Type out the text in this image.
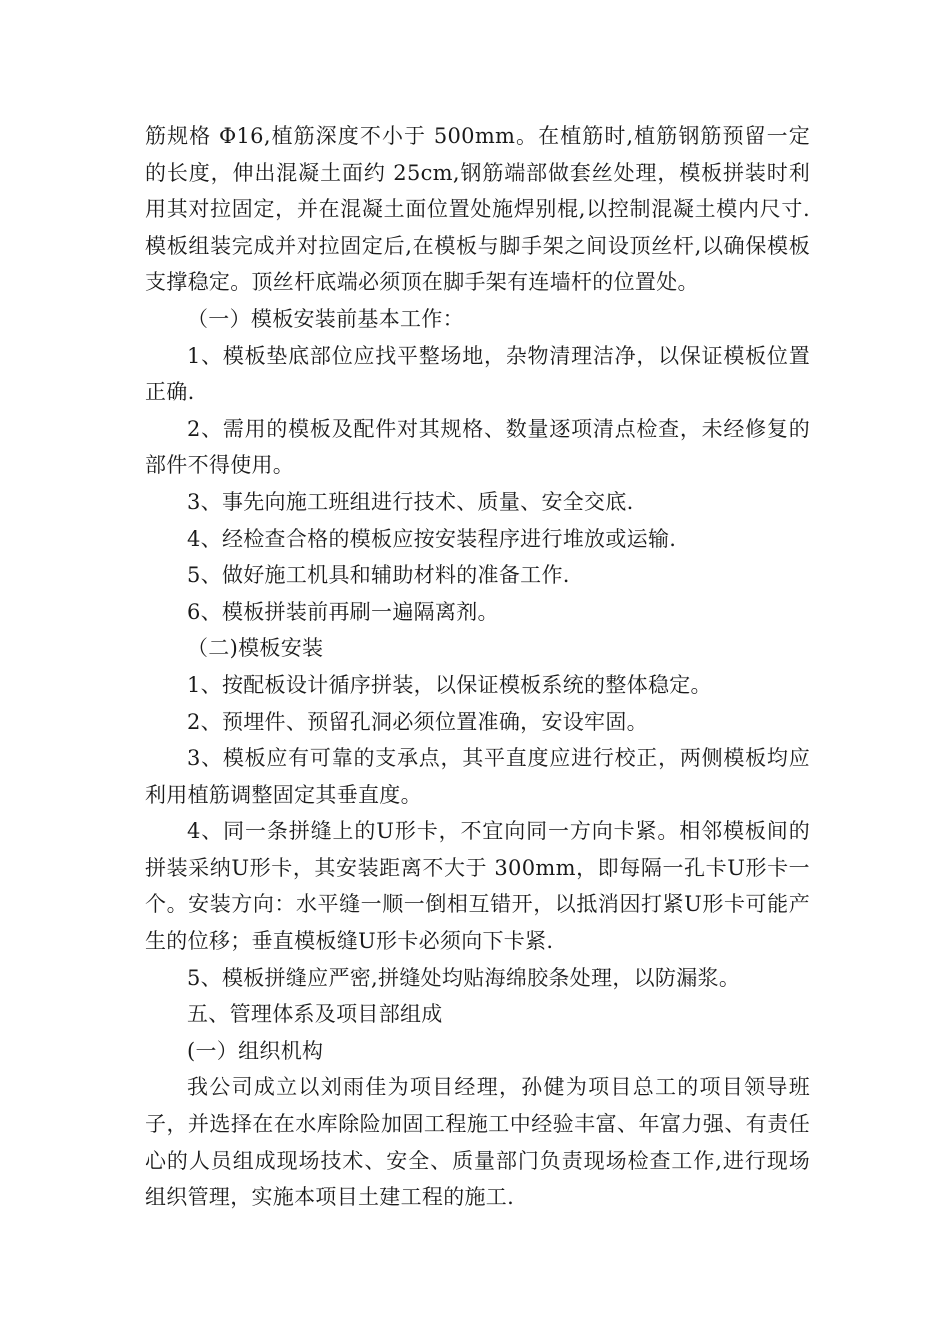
筋规格 Φ16,植筋深度不小于 500mm。在植筋时,植筋钢筋预留一定的长度，伸出混凝土面约 25cm,钢筋端部做套丝处理，模板拼装时利用其对拉固定，并在混凝土面位置处施焊别棍,以控制混凝土模内尺寸.模板组装完成并对拉固定后,在模板与脚手架之间设顶丝杆,以确保模板支撑稳定。顶丝杆底端必须顶在脚手架有连墙杆的位置处。

（一）模板安装前基本工作：

1、模板垫底部位应找平整场地，杂物清理洁净，以保证模板位置正确.

2、需用的模板及配件对其规格、数量逐项清点检查，未经修复的部件不得使用。

3、事先向施工班组进行技术、质量、安全交底.

4、经检查合格的模板应按安装程序进行堆放或运输.

5、做好施工机具和辅助材料的准备工作.

6、模板拼装前再刷一遍隔离剂。

（二)模板安装

1、按配板设计循序拼装，以保证模板系统的整体稳定。

2、预埋件、预留孔洞必须位置准确，安设牢固。

3、模板应有可靠的支承点，其平直度应进行校正，两侧模板均应利用植筋调整固定其垂直度。

4、同一条拼缝上的U形卡，不宜向同一方向卡紧。相邻模板间的拼装采纳U形卡，其安装距离不大于 300mm，即每隔一孔卡U形卡一个。安装方向：水平缝一顺一倒相互错开，以抵消因打紧U形卡可能产生的位移；垂直模板缝U形卡必须向下卡紧.

5、模板拼缝应严密,拼缝处均贴海绵胶条处理，以防漏浆。

五、管理体系及项目部组成

(一）组织机构

我公司成立以刘雨佳为项目经理，孙健为项目总工的项目领导班子，并选择在在水库除险加固工程施工中经验丰富、年富力强、有责任心的人员组成现场技术、安全、质量部门负责现场检查工作,进行现场组织管理，实施本项目土建工程的施工.
